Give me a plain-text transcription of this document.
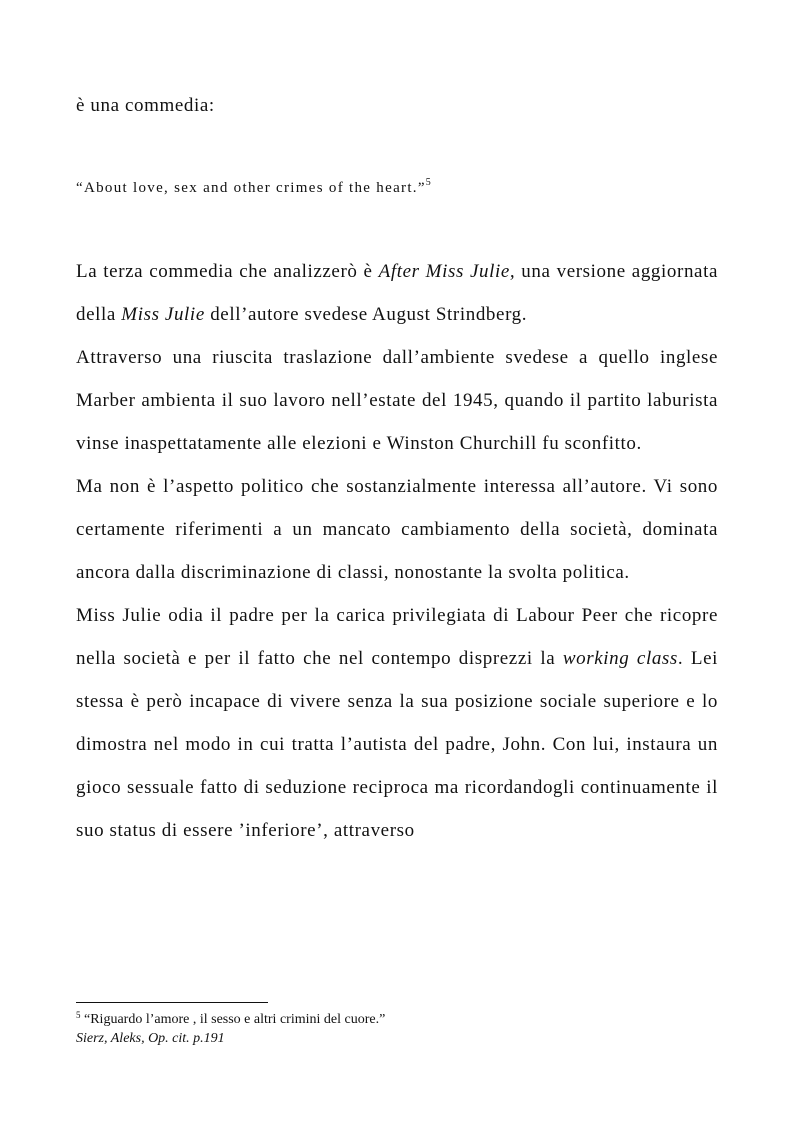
è una commedia:

“About love, sex and other crimes of the heart.”$^5$

La terza commedia che analizzerò è After Miss Julie, una versione aggiornata della Miss Julie dell’autore svedese August Strindberg.

Attraverso una riuscita traslazione dall’ambiente svedese a quello inglese Marber ambienta il suo lavoro nell’estate del 1945, quando il partito laburista vinse inaspettatamente alle elezioni e Winston Churchill fu sconfitto.

Ma non è l’aspetto politico che sostanzialmente interessa all’autore. Vi sono certamente riferimenti a un mancato cambiamento della società, dominata ancora dalla discriminazione di classi, nonostante la svolta politica.

Miss Julie odia il padre per la carica privilegiata di Labour Peer che ricopre nella società e per il fatto che nel contempo disprezzi la working class. Lei stessa è però incapace di vivere senza la sua posizione sociale superiore e lo dimostra nel modo in cui tratta l’autista del padre, John. Con lui, instaura un gioco sessuale fatto di seduzione reciproca ma ricordandogli continuamente il suo status di essere ’inferiore’, attraverso

$^5$ “Riguardo l’amore , il sesso e altri crimini del cuore.”
Sierz, Aleks, Op. cit. p.191
